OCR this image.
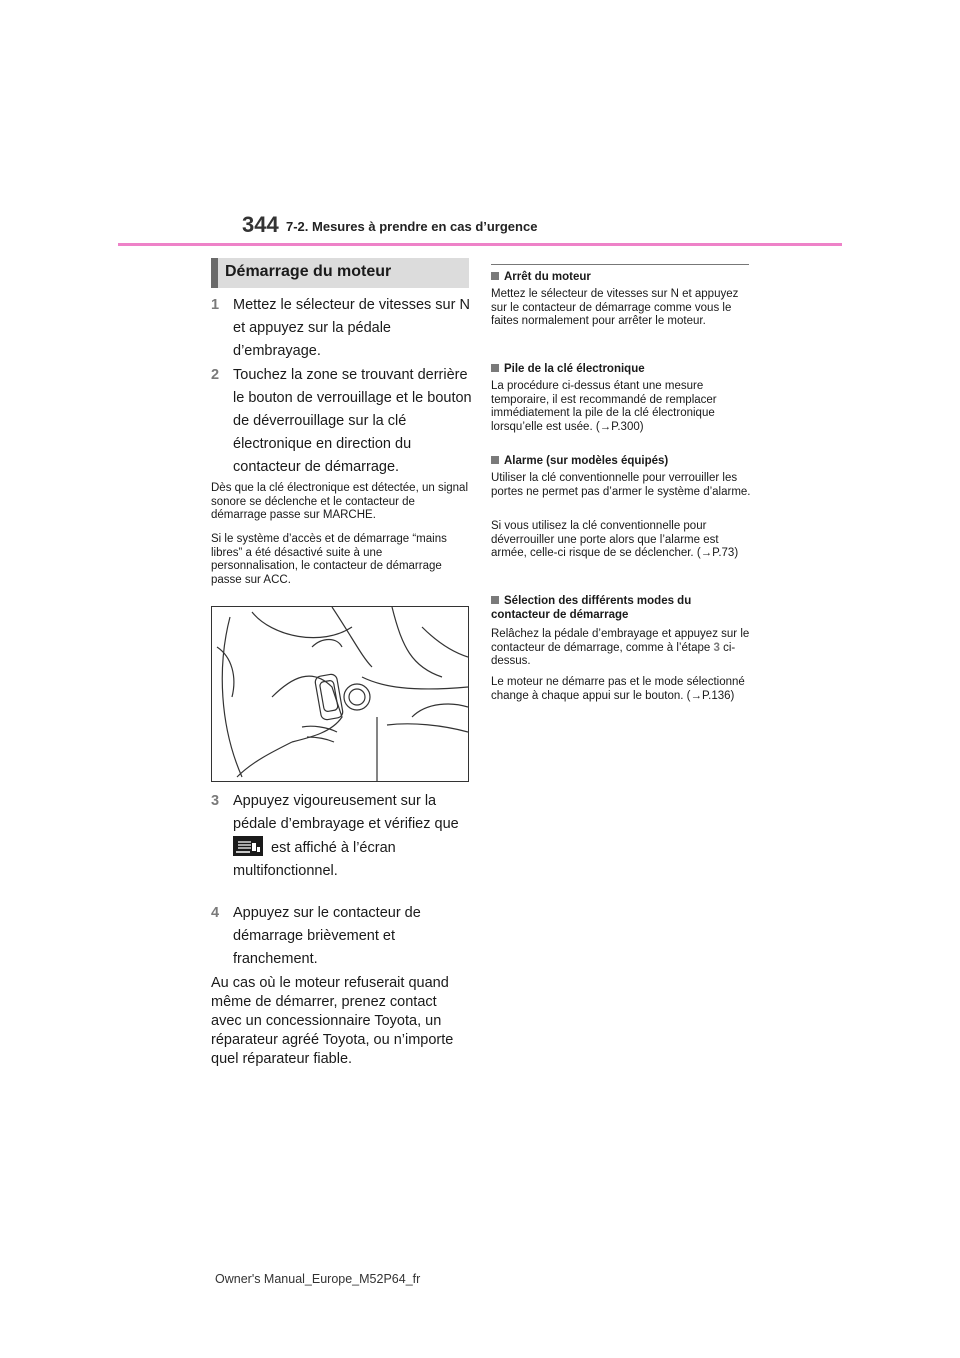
344 7-2. Mesures à prendre en cas d’urgence
Démarrage du moteur
1 Mettez le sélecteur de vitesses sur N et appuyez sur la pédale d’embrayage.
2 Touchez la zone se trouvant derrière le bouton de verrouillage et le bouton de déverrouillage sur la clé électronique en direction du contacteur de démarrage.
Dès que la clé électronique est détectée, un signal sonore se déclenche et le contacteur de démarrage passe sur MARCHE.
Si le système d’accès et de démarrage “mains libres” a été désactivé suite à une personnalisation, le contacteur de démarrage passe sur ACC.
3 Appuyez vigoureusement sur la pédale d’embrayage et vérifiez que  est affiché à l’écran multifonctionnel.
4 Appuyez sur le contacteur de démarrage brièvement et franchement.
Au cas où le moteur refuserait quand même de démarrer, prenez contact avec un concessionnaire Toyota, un réparateur agréé Toyota, ou n’importe quel réparateur fiable.
Arrêt du moteur
Mettez le sélecteur de vitesses sur N et appuyez sur le contacteur de démarrage comme vous le faites normalement pour arrêter le moteur.
Pile de la clé électronique
La procédure ci-dessus étant une mesure temporaire, il est recommandé de remplacer immédiatement la pile de la clé électronique lorsqu’elle est usée. (→P.300)
Alarme (sur modèles équipés)
Utiliser la clé conventionnelle pour verrouiller les portes ne permet pas d’armer le système d’alarme.
Si vous utilisez la clé conventionnelle pour déverrouiller une porte alors que l’alarme est armée, celle-ci risque de se déclencher. (→P.73)
Sélection des différents modes du contacteur de démarrage
Relâchez la pédale d’embrayage et appuyez sur le contacteur de démarrage, comme à l’étape 3 ci-dessus.
Le moteur ne démarre pas et le mode sélectionné change à chaque appui sur le bouton. (→P.136)
Owner's Manual_Europe_M52P64_fr
